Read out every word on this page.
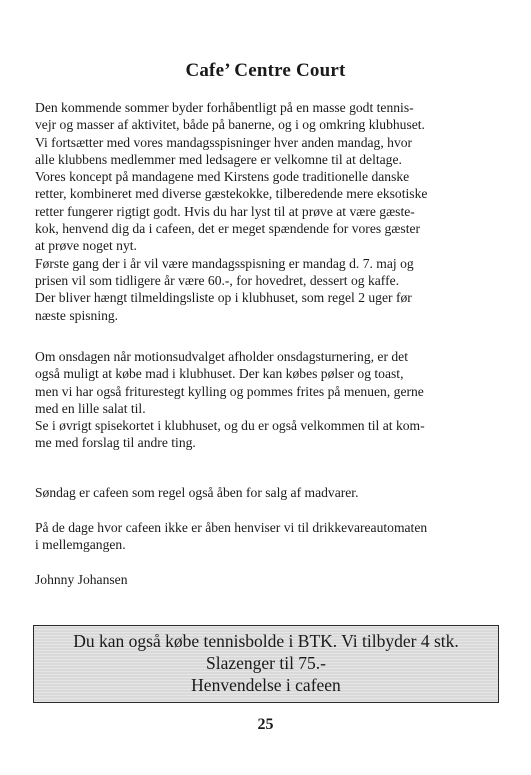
Cafe’ Centre Court
Den kommende sommer byder forhåbentligt på en masse godt tennis-
vejr og masser af aktivitet, både på banerne, og i og omkring klubhuset.
Vi fortsætter med vores mandagsspisninger hver anden mandag, hvor
alle klubbens medlemmer med ledsagere er velkomne til at deltage.
Vores koncept på mandagene med Kirstens gode traditionelle danske
retter, kombineret med diverse gæstekokke, tilberedende mere eksotiske
retter fungerer rigtigt godt. Hvis du har lyst til at prøve at være gæste-
kok, henvend dig da i cafeen, det er meget spændende for vores gæster
at prøve noget nyt.
Første gang der i år vil være mandagsspisning er mandag d. 7. maj og
prisen vil som tidligere år være 60.-, for hovedret, dessert og kaffe.
Der bliver hængt tilmeldingsliste op i klubhuset, som regel 2 uger før
næste spisning.
Om onsdagen når motionsudvalget afholder onsdagsturnering, er det
også muligt at købe mad i klubhuset. Der kan købes pølser og toast,
men vi har også friturestegt kylling og pommes frites på menuen, gerne
med en lille salat til.
Se i øvrigt spisekortet i klubhuset, og du er også velkommen til at kom-
me med forslag til andre ting.
Søndag er cafeen som regel også åben for salg af madvarer.
På de dage hvor cafeen ikke er åben henviser vi til drikkevareautomaten
i mellemgangen.
Johnny Johansen
Du kan også købe tennisbolde i BTK. Vi tilbyder 4 stk.
Slazenger til 75.-
Henvendelse i cafeen
25
